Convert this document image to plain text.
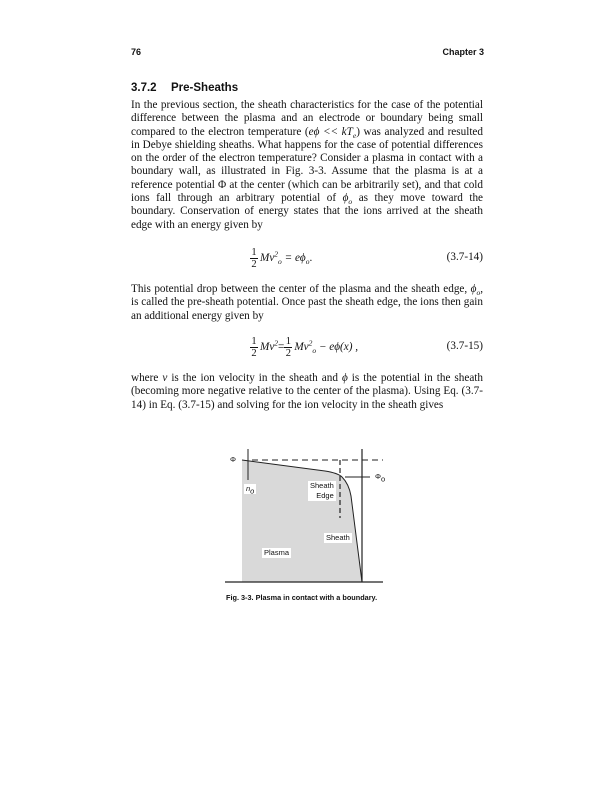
76	Chapter 3
3.7.2 Pre-Sheaths
In the previous section, the sheath characteristics for the case of the potential difference between the plasma and an electrode or boundary being small compared to the electron temperature $(e\phi << kT_e)$ was analyzed and resulted in Debye shielding sheaths. What happens for the case of potential differences on the order of the electron temperature? Consider a plasma in contact with a boundary wall, as illustrated in Fig. 3-3. Assume that the plasma is at a reference potential Φ at the center (which can be arbitrarily set), and that cold ions fall through an arbitrary potential of $\phi_o$ as they move toward the boundary. Conservation of energy states that the ions arrived at the sheath edge with an energy given by
$\frac{1}{2} Mv^2_o = e\phi_o$ .	(3.7-14)
This potential drop between the center of the plasma and the sheath edge, $\phi_o$, is called the pre-sheath potential. Once past the sheath edge, the ions then gain an additional energy given by
$\frac{1}{2} Mv^2 = \frac{1}{2} Mv^2_o - e\phi(x)$ ,	(3.7-15)
where v is the ion velocity in the sheath and ϕ is the potential in the sheath (becoming more negative relative to the center of the plasma). Using Eq. (3.7-14) in Eq. (3.7-15) and solving for the ion velocity in the sheath gives
Φ
$\Phi_o$
$n_o$
Sheath
Edge
Sheath
Plasma
Fig. 3-3. Plasma in contact with a boundary.
